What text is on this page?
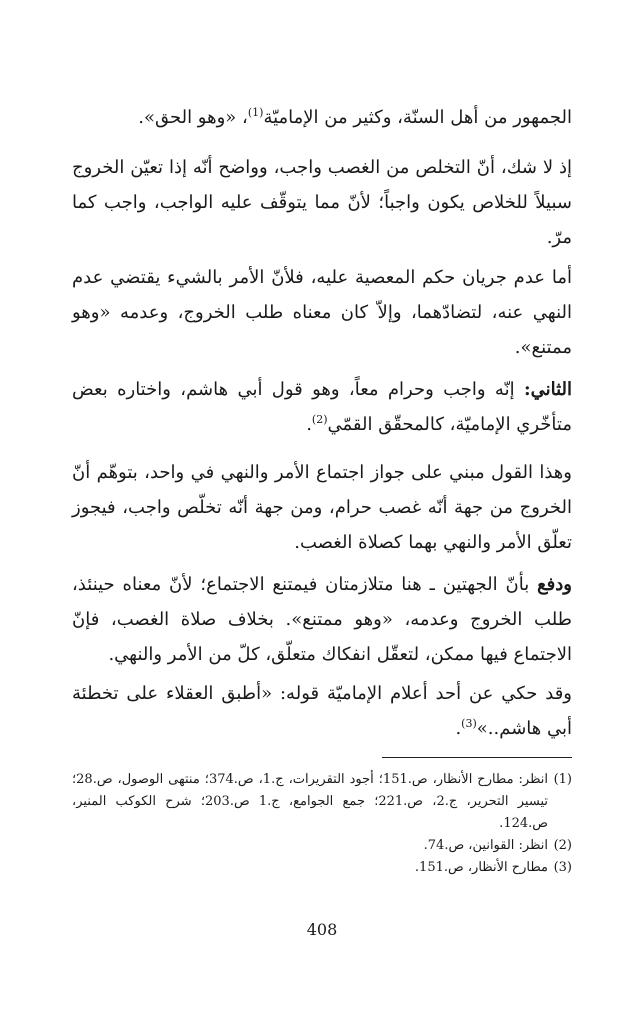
الجمهور من أهل السنّة، وكثير من الإماميّة$^{(1)}$، «وهو الحق».

إذ لا شك، أنّ التخلص من الغصب واجب، وواضح أنّه إذا تعيّن الخروج سبيلاً للخلاص يكون واجباً؛ لأنّ مما يتوقّف عليه الواجب، واجب كما مرّ.

أما عدم جريان حكم المعصية عليه، فلأنّ الأمر بالشيء يقتضي عدم النهي عنه، لتضادّهما، وإلاّ كان معناه طلب الخروج، وعدمه «وهو ممتنع».

الثاني: إنّه واجب وحرام معاً، وهو قول أبي هاشم، واختاره بعض متأخّري الإماميّة، كالمحقّق القمّي$^{(2)}$.

وهذا القول مبني على جواز اجتماع الأمر والنهي في واحد، بتوهّم أنّ الخروج من جهة أنّه غصب حرام، ومن جهة أنّه تخلّص واجب، فيجوز تعلّق الأمر والنهي بهما كصلاة الغصب.

ودفع بأنّ الجهتين ـ هنا متلازمتان فيمتنع الاجتماع؛ لأنّ معناه حينئذ، طلب الخروج وعدمه، «وهو ممتنع». بخلاف صلاة الغصب، فإنّ الاجتماع فيها ممكن، لتعقّل انفكاك متعلّق، كلّ من الأمر والنهي.

وقد حكي عن أحد أعلام الإماميّة قوله: «أطبق العقلاء على تخطئة أبي هاشم..»$^{(3)}$.

(1)
انظر: مطارح الأنظار، ص.151؛ أجود التقريرات، ج.1، ص.374؛ منتهى الوصول، ص.28؛ تيسير التحرير، ج.2، ص.221؛ جمع الجوامع، ج.1 ص.203؛ شرح الكوكب المنير، ص.124.
(2)
انظر: القوانين، ص.74.
(3)
مطارح الأنظار، ص.151.
408
